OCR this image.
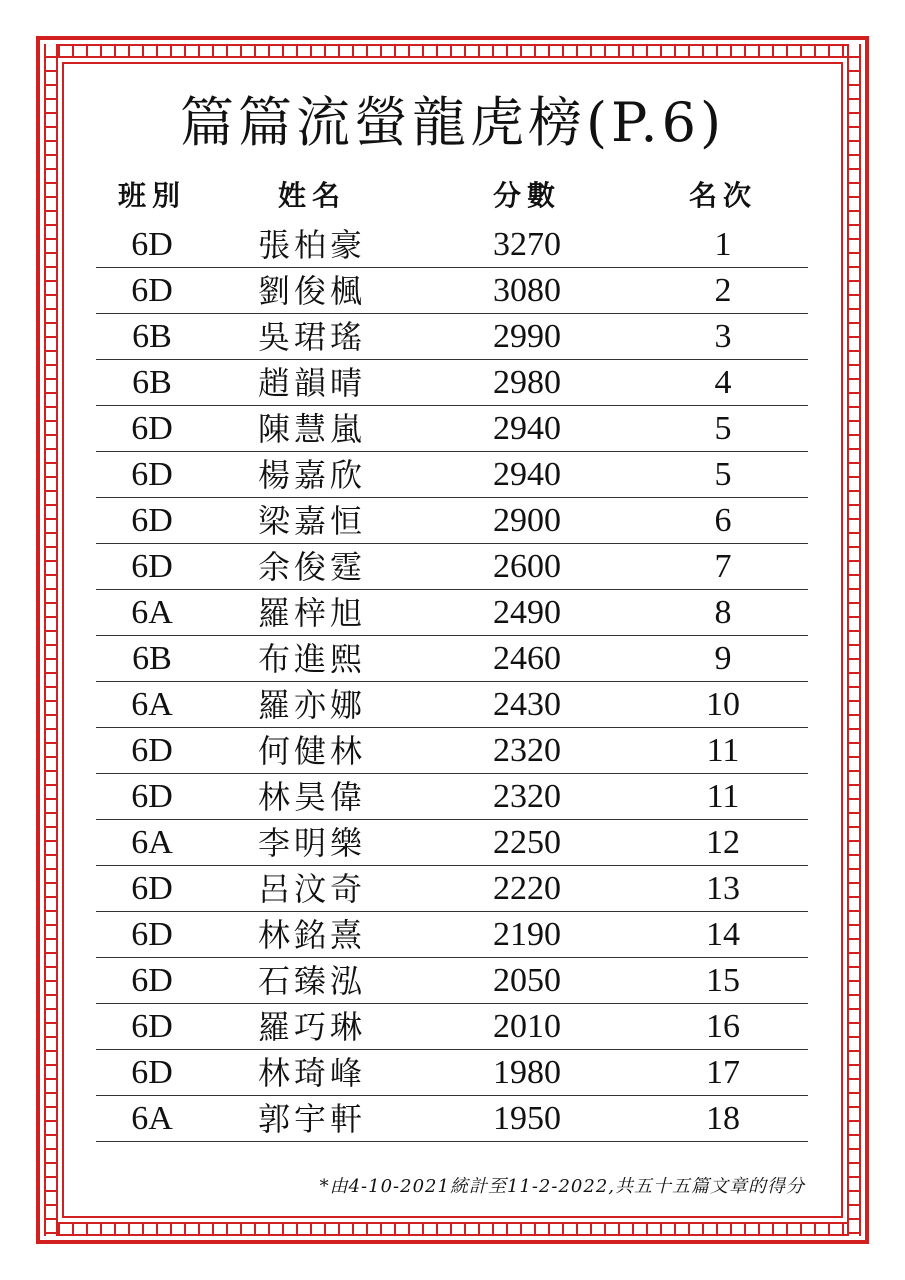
篇篇流螢龍虎榜(P.6)
班別	姓名	分數	名次
6D	張柏豪	3270	1
6D	劉俊楓	3080	2
6B	吳珺瑤	2990	3
6B	趙韻晴	2980	4
6D	陳慧嵐	2940	5
6D	楊嘉欣	2940	5
6D	梁嘉恒	2900	6
6D	余俊霆	2600	7
6A	羅梓旭	2490	8
6B	布進熙	2460	9
6A	羅亦娜	2430	10
6D	何健林	2320	11
6D	林昊偉	2320	11
6A	李明樂	2250	12
6D	呂汶奇	2220	13
6D	林銘熹	2190	14
6D	石臻泓	2050	15
6D	羅巧琳	2010	16
6D	林琦峰	1980	17
6A	郭宇軒	1950	18
*由4-10-2021統計至11-2-2022,共五十五篇文章的得分
